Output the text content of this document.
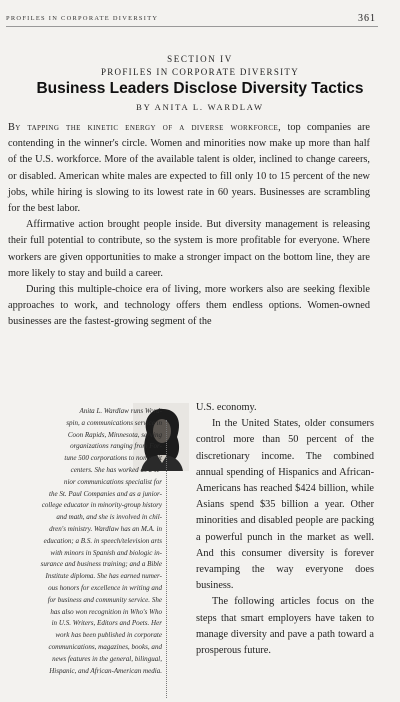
PROFILES IN CORPORATE DIVERSITY	361
SECTION IV
PROFILES IN CORPORATE DIVERSITY
Business Leaders Disclose Diversity Tactics
BY ANITA L. WARDLAW

By tapping the kinetic energy of a diverse workforce, top companies are contending in the winner's circle. Women and minorities now make up more than half of the U.S. workforce. More of the available talent is older, inclined to change careers, or disabled. American white males are expected to fill only 10 to 15 percent of the new jobs, while hiring is slowing to its lowest rate in 60 years. Businesses are scrambling for the best labor.

Affirmative action brought people inside. But diversity management is releasing their full potential to contribute, so the system is more profitable for everyone. Where workers are given opportunities to make a stronger impact on the bottom line, they are more likely to stay and build a career.

During this multiple-choice era of living, more workers also are seeking flexible approaches to work, and technology offers them endless options. Women-owned businesses are the fastest-growing segment of the

Anita L. Wardlaw runs Word-
spin, a communications service in
Coon Rapids, Minnesota, serving
organizations ranging from For-
tune 500 corporations to nonprofit
centers. She has worked as a se-
nior communications specialist for
the St. Paul Companies and as a junior-
college educator in minority-group history
and math, and she is involved in chil-
dren's ministry. Wardlaw has an M.A. in
education; a B.S. in speech/television arts
with minors in Spanish and biologic in-
surance and business training; and a Bible
Institute diploma. She has earned numer-
ous honors for excellence in writing and
for business and community service. She
has also won recognition in Who's Who
in U.S. Writers, Editors and Poets. Her
work has been published in corporate
communications, magazines, books, and
news features in the general, bilingual,
Hispanic, and African-American media.

U.S. economy.

In the United States, older consumers control more than 50 percent of the discretionary income. The combined annual spending of Hispanics and African-Americans has reached $424 billion, while Asians spend $35 billion a year. Other minorities and disabled people are packing a powerful punch in the market as well. And this consumer diversity is forever revamping the way everyone does business.

The following articles focus on the steps that smart employers have taken to manage diversity and pave a path toward a prosperous future.
